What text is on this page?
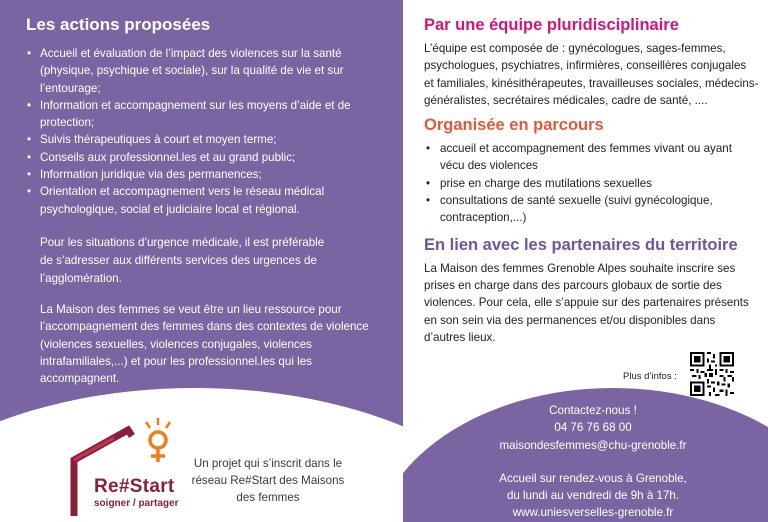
Les actions proposées
• Accueil et évaluation de l’impact des violences sur la santé (physique, psychique et sociale), sur la qualité de vie et sur l’entourage;
• Information et accompagnement sur les moyens d’aide et de protection;
• Suivis thérapeutiques à court et moyen terme;
• Conseils aux professionnel.les et au grand public;
• Information juridique via des permanences;
• Orientation et accompagnement vers le réseau médical psychologique, social et judiciaire local et régional.

Pour les situations d’urgence médicale, il est préférable de s’adresser aux différents services des urgences de l’agglomération.

La Maison des femmes se veut être un lieu ressource pour l’accompagnement des femmes dans des contextes de violence (violences sexuelles, violences conjugales, violences intrafamiliales,...) et pour les professionnel.les qui les accompagnent.

Re#Start
soigner / partager
Un projet qui s’inscrit dans le réseau Re#Start des Maisons des femmes
Par une équipe pluridisciplinaire

L’équipe est composée de : gynécologues, sages-femmes, psychologues, psychiatres, infirmières, conseillères conjugales et familiales, kinésithérapeutes, travailleuses sociales, médecins-généralistes, secrétaires médicales, cadre de santé, ....

Organisée en parcours
• accueil et accompagnement des femmes vivant ou ayant vécu des violences
• prise en charge des mutilations sexuelles
• consultations de santé sexuelle (suivi gynécologique, contraception,...)
En lien avec les partenaires du territoire

La Maison des femmes Grenoble Alpes souhaite inscrire ses prises en charge dans des parcours globaux de sortie des violences. Pour cela, elle s’appuie sur des partenaires présents en son sein via des permanences et/ou disponibles dans d’autres lieux.

Plus d’infos :
Contactez-nous !
04 76 76 68 00
maisondesfemmes@chu-grenoble.fr
Accueil sur rendez-vous à Grenoble,
du lundi au vendredi de 9h à 17h.
www.uniesverselles-grenoble.fr
